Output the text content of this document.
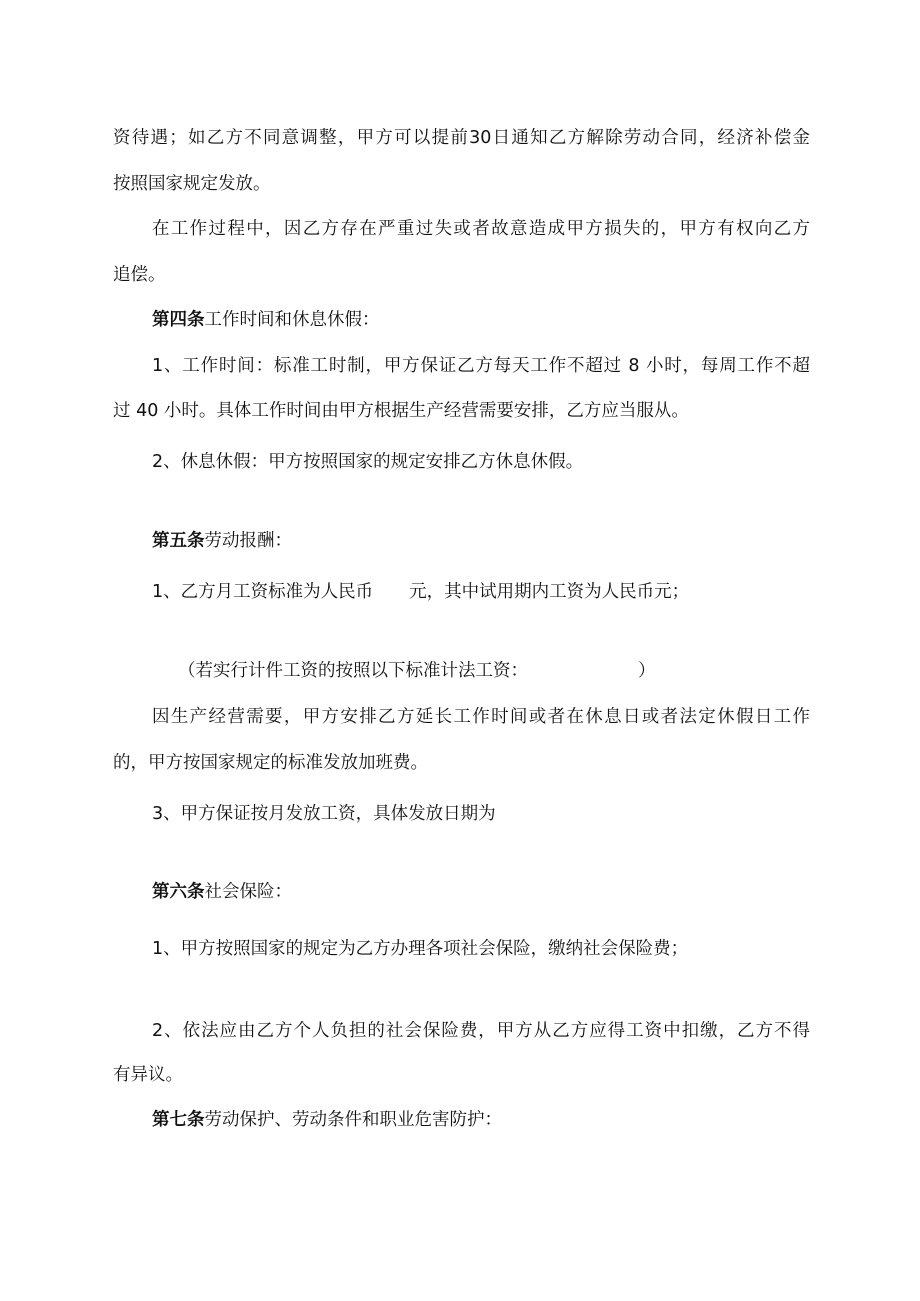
资待遇；如乙方不同意调整，甲方可以提前30日通知乙方解除劳动合同，经济补偿金
按照国家规定发放。
在工作过程中，因乙方存在严重过失或者故意造成甲方损失的，甲方有权向乙方
追偿。
第四条工作时间和休息休假：
1、工作时间：标准工时制，甲方保证乙方每天工作不超过 8 小时，每周工作不超
过 40 小时。具体工作时间由甲方根据生产经营需要安排，乙方应当服从。
2、休息休假：甲方按照国家的规定安排乙方休息休假。
第五条劳动报酬：
1、乙方月工资标准为人民币 元，其中试用期内工资为人民币元；
（若实行计件工资的按照以下标准计法工资：	）
因生产经营需要，甲方安排乙方延长工作时间或者在休息日或者法定休假日工作
的，甲方按国家规定的标准发放加班费。
3、甲方保证按月发放工资，具体发放日期为
第六条社会保险：
1、甲方按照国家的规定为乙方办理各项社会保险，缴纳社会保险费；
2、依法应由乙方个人负担的社会保险费，甲方从乙方应得工资中扣缴，乙方不得
有异议。
第七条劳动保护、劳动条件和职业危害防护：
